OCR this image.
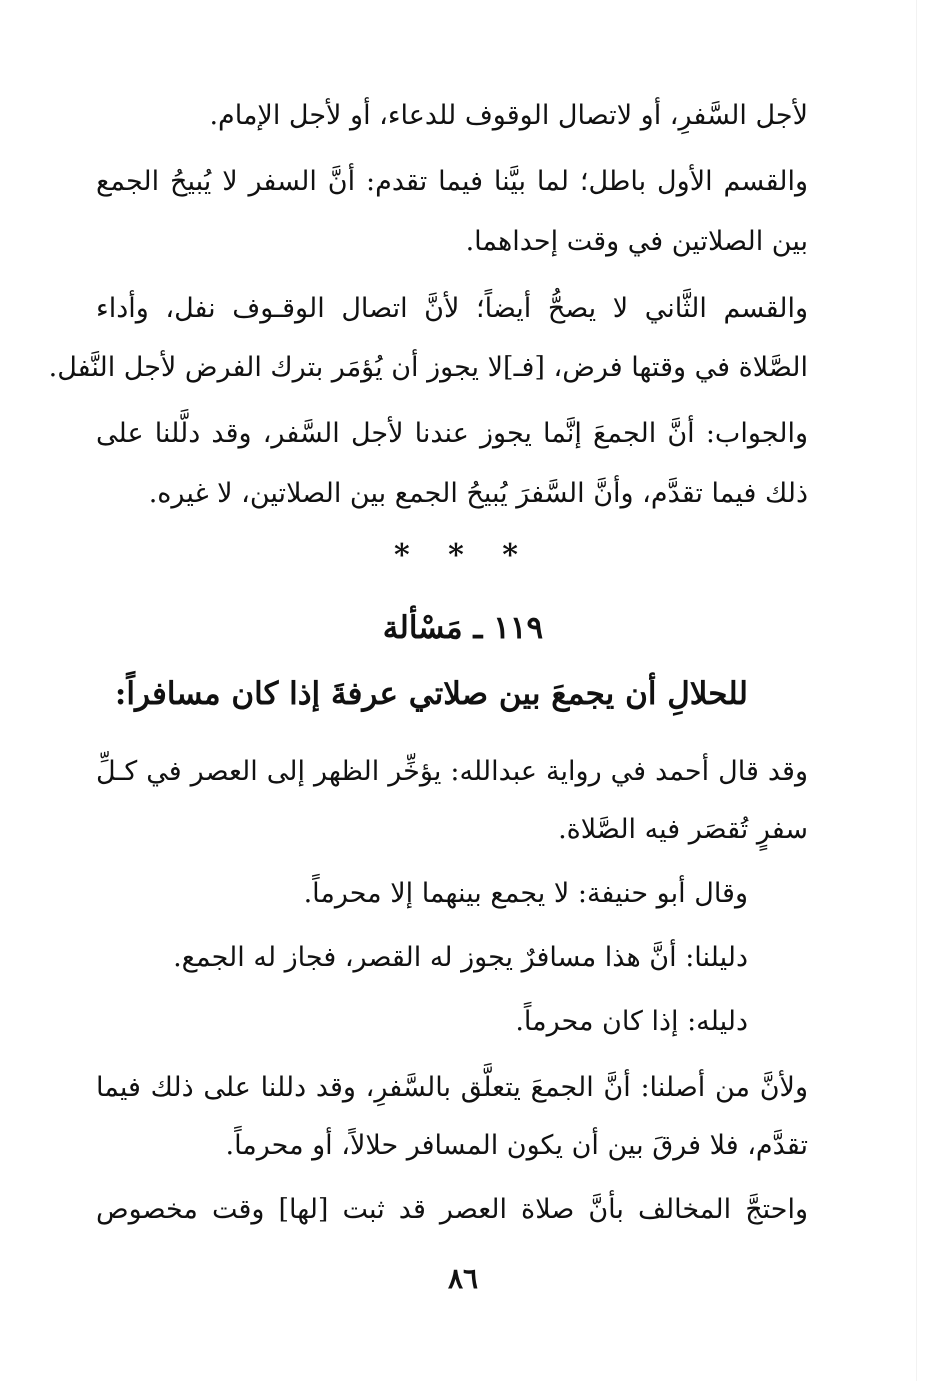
لأجل السَّفرِ، أو لاتصال الوقوف للدعاء، أو لأجل الإمام.
والقسم الأول باطل؛ لما بيَّنا فيما تقدم: أنَّ السفر لا يُبيحُ الجمع
بين الصلاتين في وقت إحداهما.
والقسم الثَّاني لا يصحُّ أيضاً؛ لأنَّ اتصال الوقـوف نفل، وأداء
الصَّلاة في وقتها فرض، [فـ]لا يجوز أن يُؤمَر بترك الفرض لأجل النَّفل.
والجواب: أنَّ الجمعَ إنَّما يجوز عندنا لأجل السَّفر، وقد دلَّلنا على
ذلك فيما تقدَّم، وأنَّ السَّفرَ يُبيحُ الجمع بين الصلاتين، لا غيره.
* * *
١١٩ ـ مَسْألة
للحلالِ أن يجمعَ بين صلاتي عرفةَ إذا كان مسافراً:
وقد قال أحمد في رواية عبدالله: يؤخِّر الظهر إلى العصر في كـلِّ
سفرٍ تُقصَر فيه الصَّلاة.
وقال أبو حنيفة: لا يجمع بينهما إلا محرماً.
دليلنا: أنَّ هذا مسافرٌ يجوز له القصر، فجاز له الجمع.
دليله: إذا كان محرماً.
ولأنَّ من أصلنا: أنَّ الجمعَ يتعلَّق بالسَّفرِ، وقد دللنا على ذلك فيما
تقدَّم، فلا فرقَ بين أن يكون المسافر حلالاً، أو محرماً.
واحتجَّ المخالف بأنَّ صلاة العصر قد ثبت [لها] وقت مخصوص
٨٦
